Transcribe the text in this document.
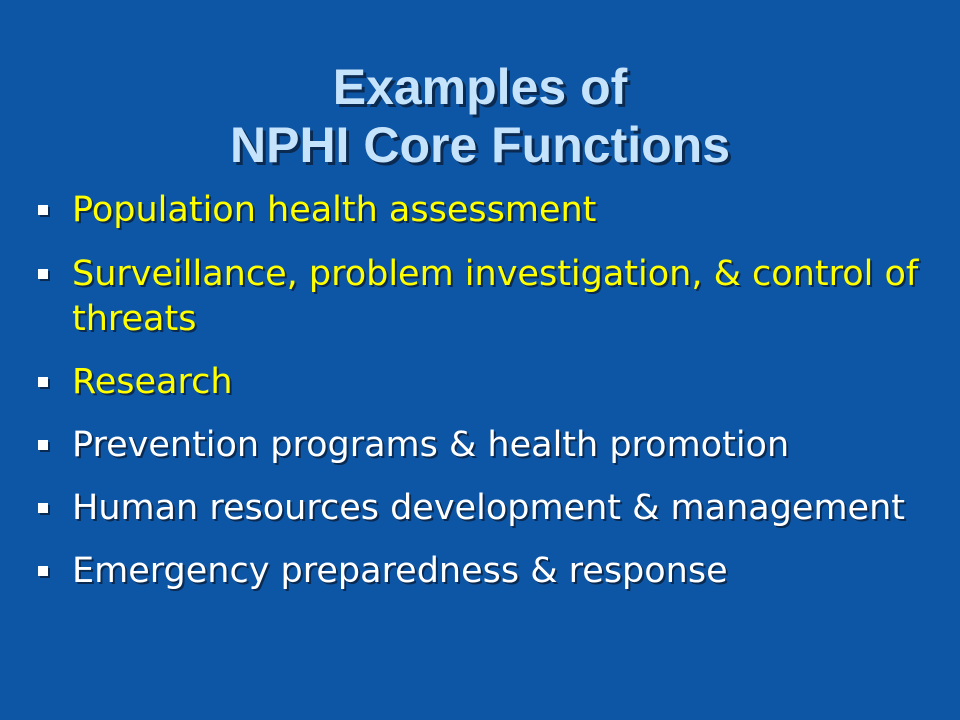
Examples of
NPHI Core Functions
Population health assessment
Surveillance, problem investigation, & control of threats
Research
Prevention programs & health promotion
Human resources development & management
Emergency preparedness & response
